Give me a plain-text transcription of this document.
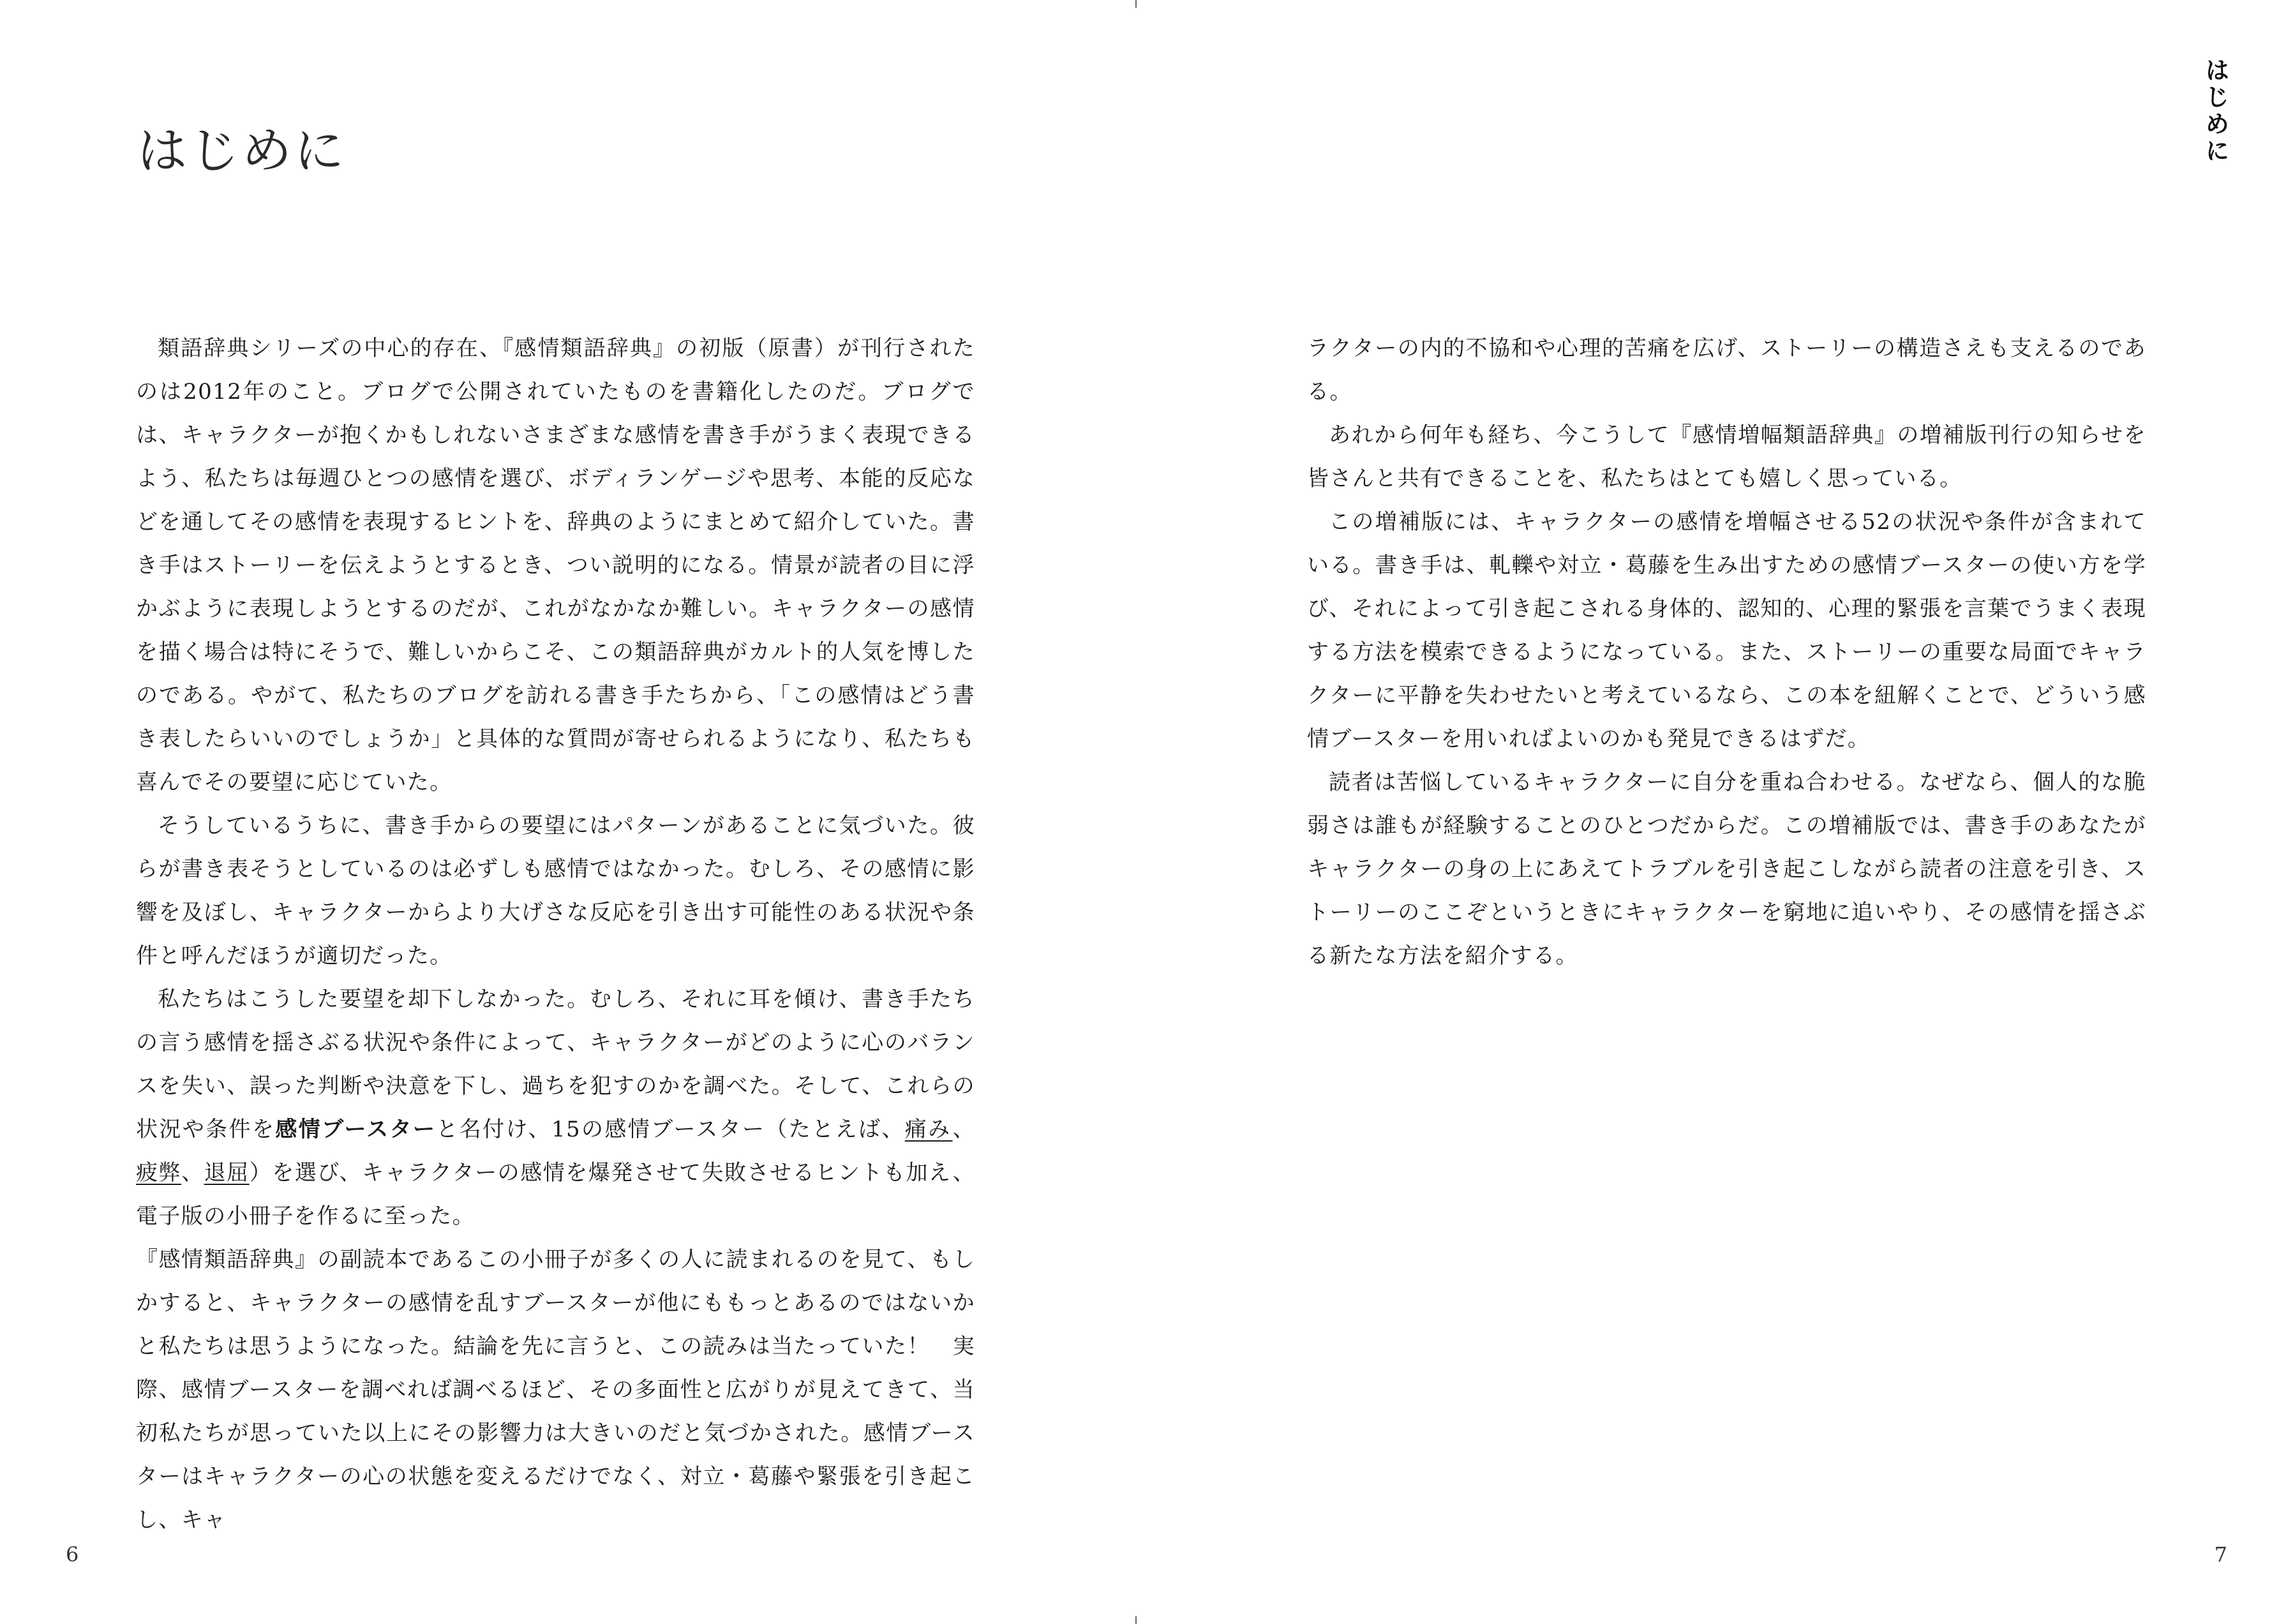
はじめに

類語辞典シリーズの中心的存在、『感情類語辞典』の初版（原書）が刊行されたのは2012年のこと。ブログで公開されていたものを書籍化したのだ。ブログでは、キャラクターが抱くかもしれないさまざまな感情を書き手がうまく表現できるよう、私たちは毎週ひとつの感情を選び、ボディランゲージや思考、本能的反応などを通してその感情を表現するヒントを、辞典のようにまとめて紹介していた。書き手はストーリーを伝えようとするとき、つい説明的になる。情景が読者の目に浮かぶように表現しようとするのだが、これがなかなか難しい。キャラクターの感情を描く場合は特にそうで、難しいからこそ、この類語辞典がカルト的人気を博したのである。やがて、私たちのブログを訪れる書き手たちから、「この感情はどう書き表したらいいのでしょうか」と具体的な質問が寄せられるようになり、私たちも喜んでその要望に応じていた。

そうしているうちに、書き手からの要望にはパターンがあることに気づいた。彼らが書き表そうとしているのは必ずしも感情ではなかった。むしろ、その感情に影響を及ぼし、キャラクターからより大げさな反応を引き出す可能性のある状況や条件と呼んだほうが適切だった。

私たちはこうした要望を却下しなかった。むしろ、それに耳を傾け、書き手たちの言う感情を揺さぶる状況や条件によって、キャラクターがどのように心のバランスを失い、誤った判断や決意を下し、過ちを犯すのかを調べた。そして、これらの状況や条件を感情ブースターと名付け、15の感情ブースター（たとえば、痛み、疲弊、退屈）を選び、キャラクターの感情を爆発させて失敗させるヒントも加え、電子版の小冊子を作るに至った。

『感情類語辞典』の副読本であるこの小冊子が多くの人に読まれるのを見て、もしかすると、キャラクターの感情を乱すブースターが他にももっとあるのではないかと私たちは思うようになった。結論を先に言うと、この読みは当たっていた！　実際、感情ブースターを調べれば調べるほど、その多面性と広がりが見えてきて、当初私たちが思っていた以上にその影響力は大きいのだと気づかされた。感情ブースターはキャラクターの心の状態を変えるだけでなく、対立・葛藤や緊張を引き起こし、キャ

6
はじめに

ラクターの内的不協和や心理的苦痛を広げ、ストーリーの構造さえも支えるのである。

あれから何年も経ち、今こうして『感情増幅類語辞典』の増補版刊行の知らせを皆さんと共有できることを、私たちはとても嬉しく思っている。

この増補版には、キャラクターの感情を増幅させる52の状況や条件が含まれている。書き手は、軋轢や対立・葛藤を生み出すための感情ブースターの使い方を学び、それによって引き起こされる身体的、認知的、心理的緊張を言葉でうまく表現する方法を模索できるようになっている。また、ストーリーの重要な局面でキャラクターに平静を失わせたいと考えているなら、この本を紐解くことで、どういう感情ブースターを用いればよいのかも発見できるはずだ。

読者は苦悩しているキャラクターに自分を重ね合わせる。なぜなら、個人的な脆弱さは誰もが経験することのひとつだからだ。この増補版では、書き手のあなたがキャラクターの身の上にあえてトラブルを引き起こしながら読者の注意を引き、ストーリーのここぞというときにキャラクターを窮地に追いやり、その感情を揺さぶる新たな方法を紹介する。

7
